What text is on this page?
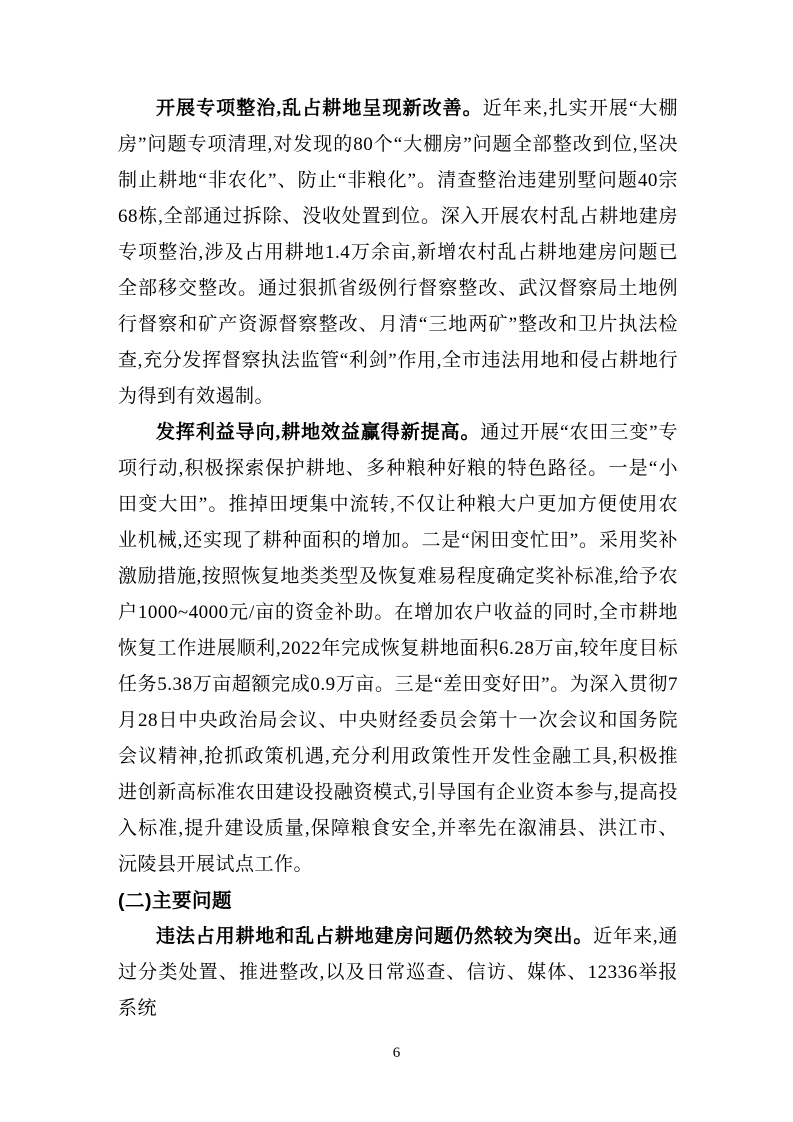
开展专项整治,乱占耕地呈现新改善。近年来,扎实开展“大棚房”问题专项清理,对发现的80个“大棚房”问题全部整改到位,坚决制止耕地“非农化”、防止“非粮化”。清查整治违建别墅问题40宗68栋,全部通过拆除、没收处置到位。深入开展农村乱占耕地建房专项整治,涉及占用耕地1.4万余亩,新增农村乱占耕地建房问题已全部移交整改。通过狠抓省级例行督察整改、武汉督察局土地例行督察和矿产资源督察整改、月清“三地两矿”整改和卫片执法检查,充分发挥督察执法监管“利剑”作用,全市违法用地和侵占耕地行为得到有效遏制。

发挥利益导向,耕地效益赢得新提高。通过开展“农田三变”专项行动,积极探索保护耕地、多种粮种好粮的特色路径。一是“小田变大田”。推掉田埂集中流转,不仅让种粮大户更加方便使用农业机械,还实现了耕种面积的增加。二是“闲田变忙田”。采用奖补激励措施,按照恢复地类类型及恢复难易程度确定奖补标准,给予农户1000~4000元/亩的资金补助。在增加农户收益的同时,全市耕地恢复工作进展顺利,2022年完成恢复耕地面积6.28万亩,较年度目标任务5.38万亩超额完成0.9万亩。三是“差田变好田”。为深入贯彻7月28日中央政治局会议、中央财经委员会第十一次会议和国务院会议精神,抢抓政策机遇,充分利用政策性开发性金融工具,积极推进创新高标准农田建设投融资模式,引导国有企业资本参与,提高投入标准,提升建设质量,保障粮食安全,并率先在溆浦县、洪江市、沅陵县开展试点工作。

(二)主要问题

违法占用耕地和乱占耕地建房问题仍然较为突出。近年来,通过分类处置、推进整改,以及日常巡查、信访、媒体、12336举报系统

6
